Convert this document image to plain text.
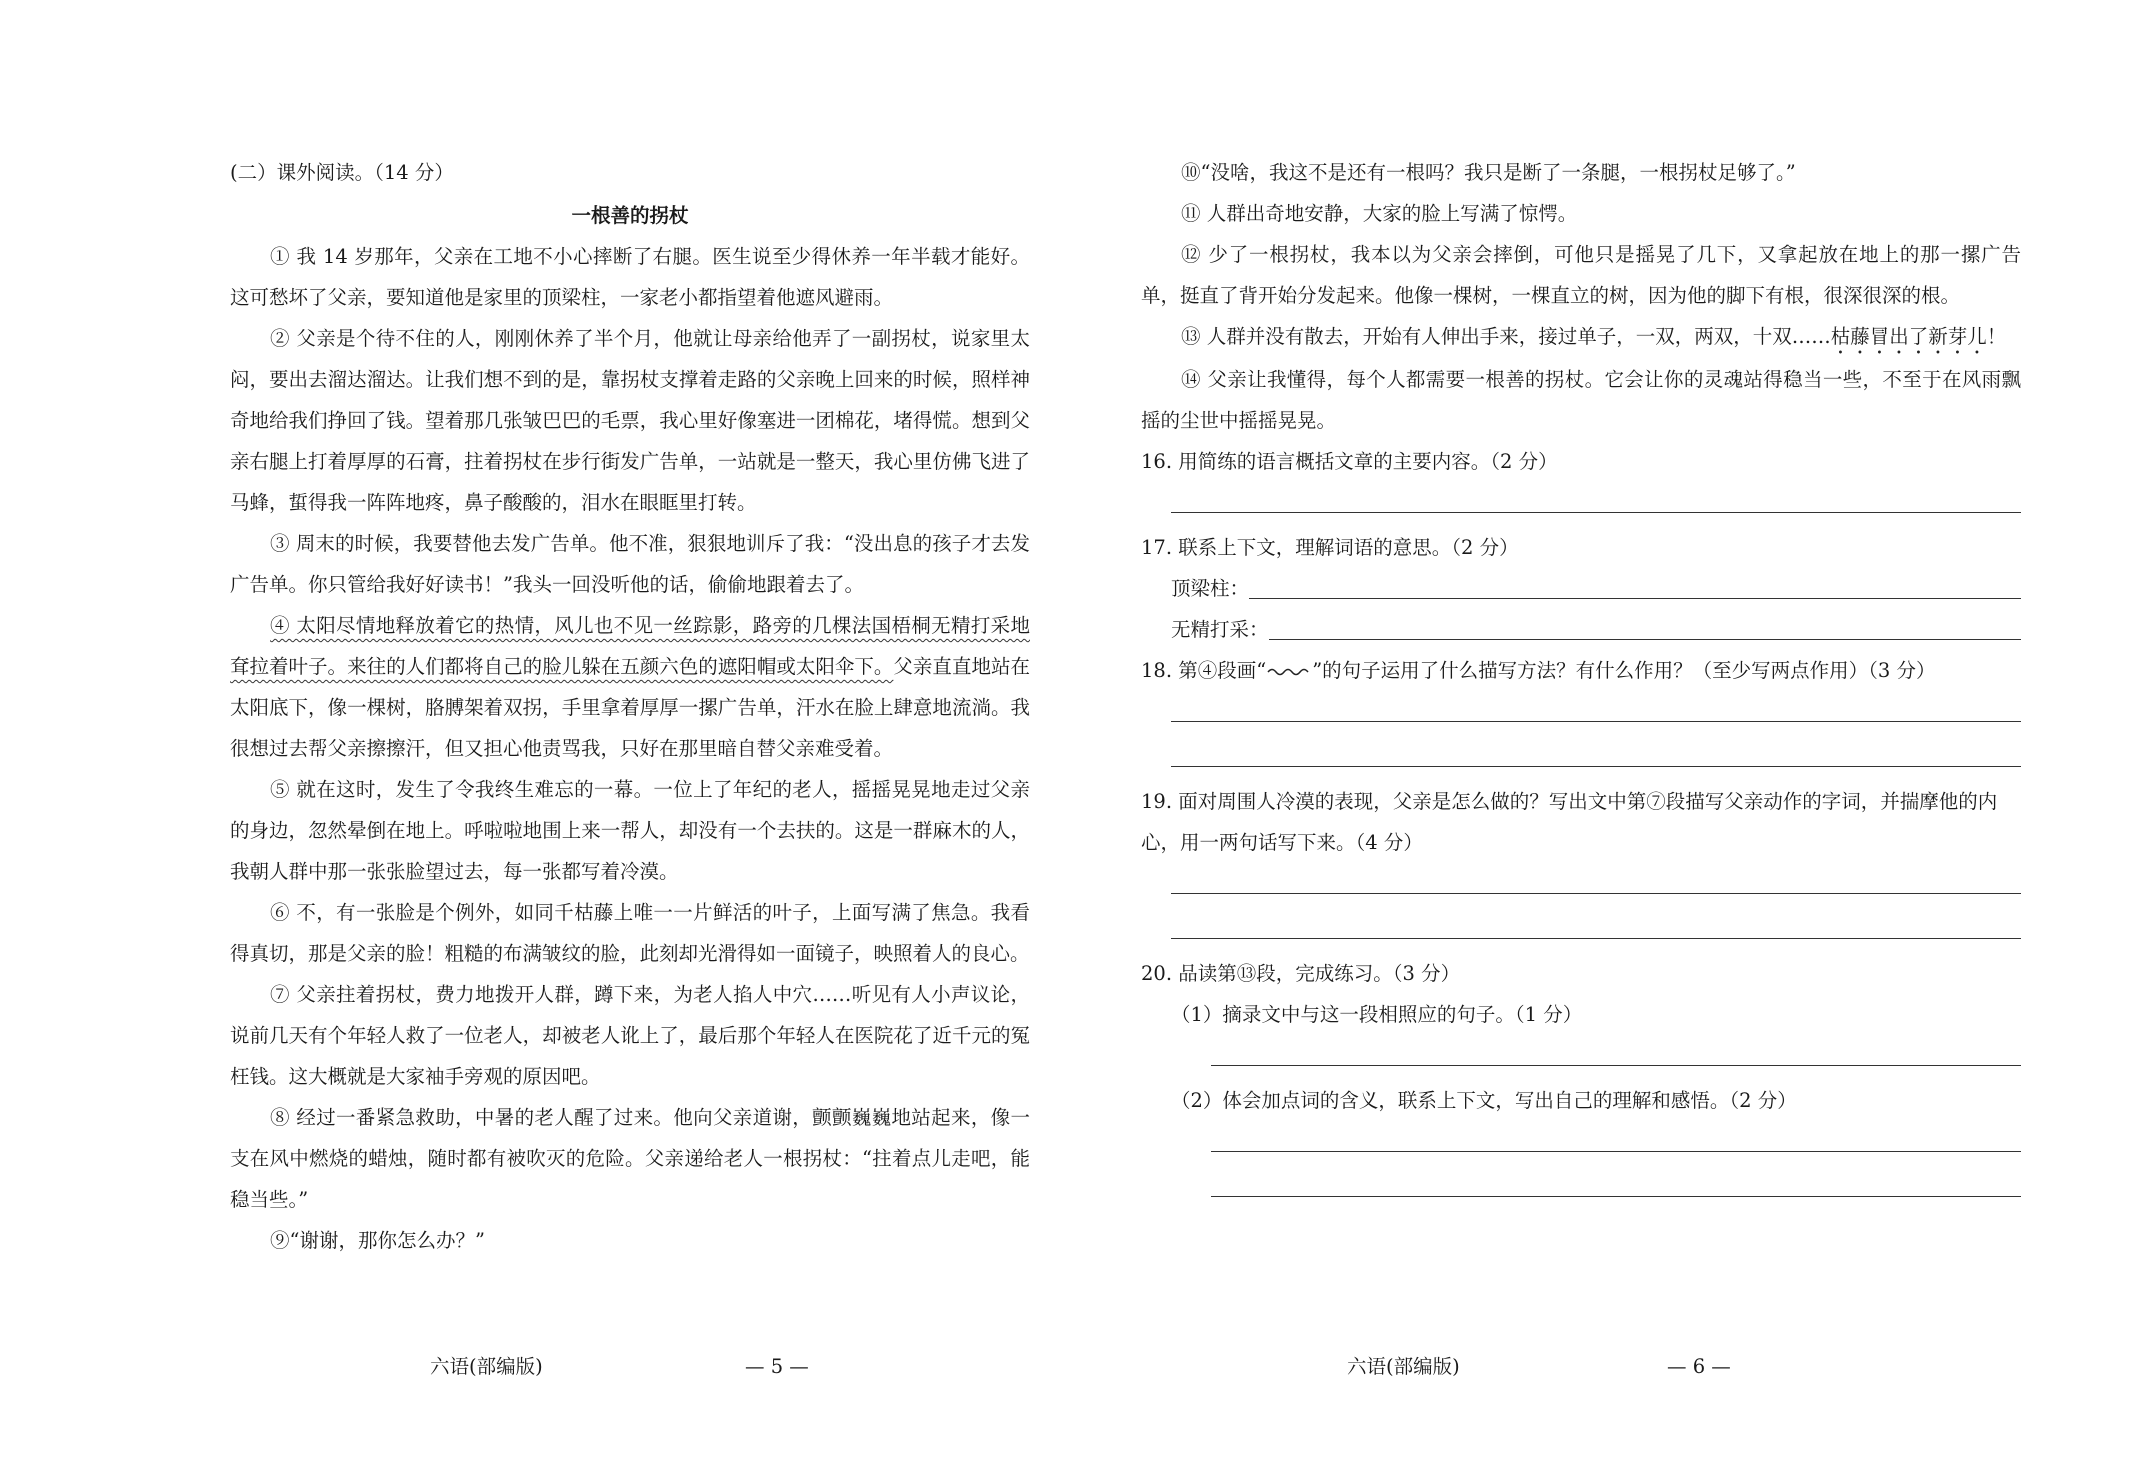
(二）课外阅读。（14 分）

一根善的拐杖

① 我 14 岁那年，父亲在工地不小心摔断了右腿。医生说至少得休养一年半载才能好。这可愁坏了父亲，要知道他是家里的顶梁柱，一家老小都指望着他遮风避雨。

② 父亲是个待不住的人，刚刚休养了半个月，他就让母亲给他弄了一副拐杖，说家里太闷，要出去溜达溜达。让我们想不到的是，靠拐杖支撑着走路的父亲晚上回来的时候，照样神奇地给我们挣回了钱。望着那几张皱巴巴的毛票，我心里好像塞进一团棉花，堵得慌。想到父亲右腿上打着厚厚的石膏，拄着拐杖在步行街发广告单，一站就是一整天，我心里仿佛飞进了马蜂，蜇得我一阵阵地疼，鼻子酸酸的，泪水在眼眶里打转。

③ 周末的时候，我要替他去发广告单。他不准，狠狠地训斥了我：“没出息的孩子才去发广告单。你只管给我好好读书！”我头一回没听他的话，偷偷地跟着去了。

④ 太阳尽情地释放着它的热情，风儿也不见一丝踪影，路旁的几棵法国梧桐无精打采地耷拉着叶子。来往的人们都将自己的脸儿躲在五颜六色的遮阳帽或太阳伞下。父亲直直地站在太阳底下，像一棵树，胳膊架着双拐，手里拿着厚厚一摞广告单，汗水在脸上肆意地流淌。我很想过去帮父亲擦擦汗，但又担心他责骂我，只好在那里暗自替父亲难受着。

⑤ 就在这时，发生了令我终生难忘的一幕。一位上了年纪的老人，摇摇晃晃地走过父亲的身边，忽然晕倒在地上。呼啦啦地围上来一帮人，却没有一个去扶的。这是一群麻木的人，我朝人群中那一张张脸望过去，每一张都写着冷漠。

⑥ 不，有一张脸是个例外，如同千枯藤上唯一一片鲜活的叶子，上面写满了焦急。我看得真切，那是父亲的脸！粗糙的布满皱纹的脸，此刻却光滑得如一面镜子，映照着人的良心。

⑦ 父亲拄着拐杖，费力地拨开人群，蹲下来，为老人掐人中穴……听见有人小声议论，说前几天有个年轻人救了一位老人，却被老人讹上了，最后那个年轻人在医院花了近千元的冤枉钱。这大概就是大家袖手旁观的原因吧。

⑧ 经过一番紧急救助，中暑的老人醒了过来。他向父亲道谢，颤颤巍巍地站起来，像一支在风中燃烧的蜡烛，随时都有被吹灭的危险。父亲递给老人一根拐杖：“拄着点儿走吧，能稳当些。”

⑨“谢谢，那你怎么办？”

六语(部编版)	— 5 —

⑩“没啥，我这不是还有一根吗？我只是断了一条腿，一根拐杖足够了。”

⑪ 人群出奇地安静，大家的脸上写满了惊愕。

⑫ 少了一根拐杖，我本以为父亲会摔倒，可他只是摇晃了几下，又拿起放在地上的那一摞广告单，挺直了背开始分发起来。他像一棵树，一棵直立的树，因为他的脚下有根，很深很深的根。

⑬ 人群并没有散去，开始有人伸出手来，接过单子，一双，两双，十双……枯藤冒出了新芽儿！

⑭ 父亲让我懂得，每个人都需要一根善的拐杖。它会让你的灵魂站得稳当一些，不至于在风雨飘摇的尘世中摇摇晃晃。

16. 用简练的语言概括文章的主要内容。（2 分）

17. 联系上下文，理解词语的意思。（2 分）

顶梁柱：
无精打采：

18. 第④段画“ ”的句子运用了什么描写方法？有什么作用？（至少写两点作用）（3 分）

19. 面对周围人冷漠的表现，父亲是怎么做的？写出文中第⑦段描写父亲动作的字词，并揣摩他的内心，用一两句话写下来。（4 分）

20. 品读第⑬段，完成练习。（3 分）

（1）摘录文中与这一段相照应的句子。（1 分）

（2）体会加点词的含义，联系上下文，写出自己的理解和感悟。（2 分）

六语(部编版)	— 6 —
